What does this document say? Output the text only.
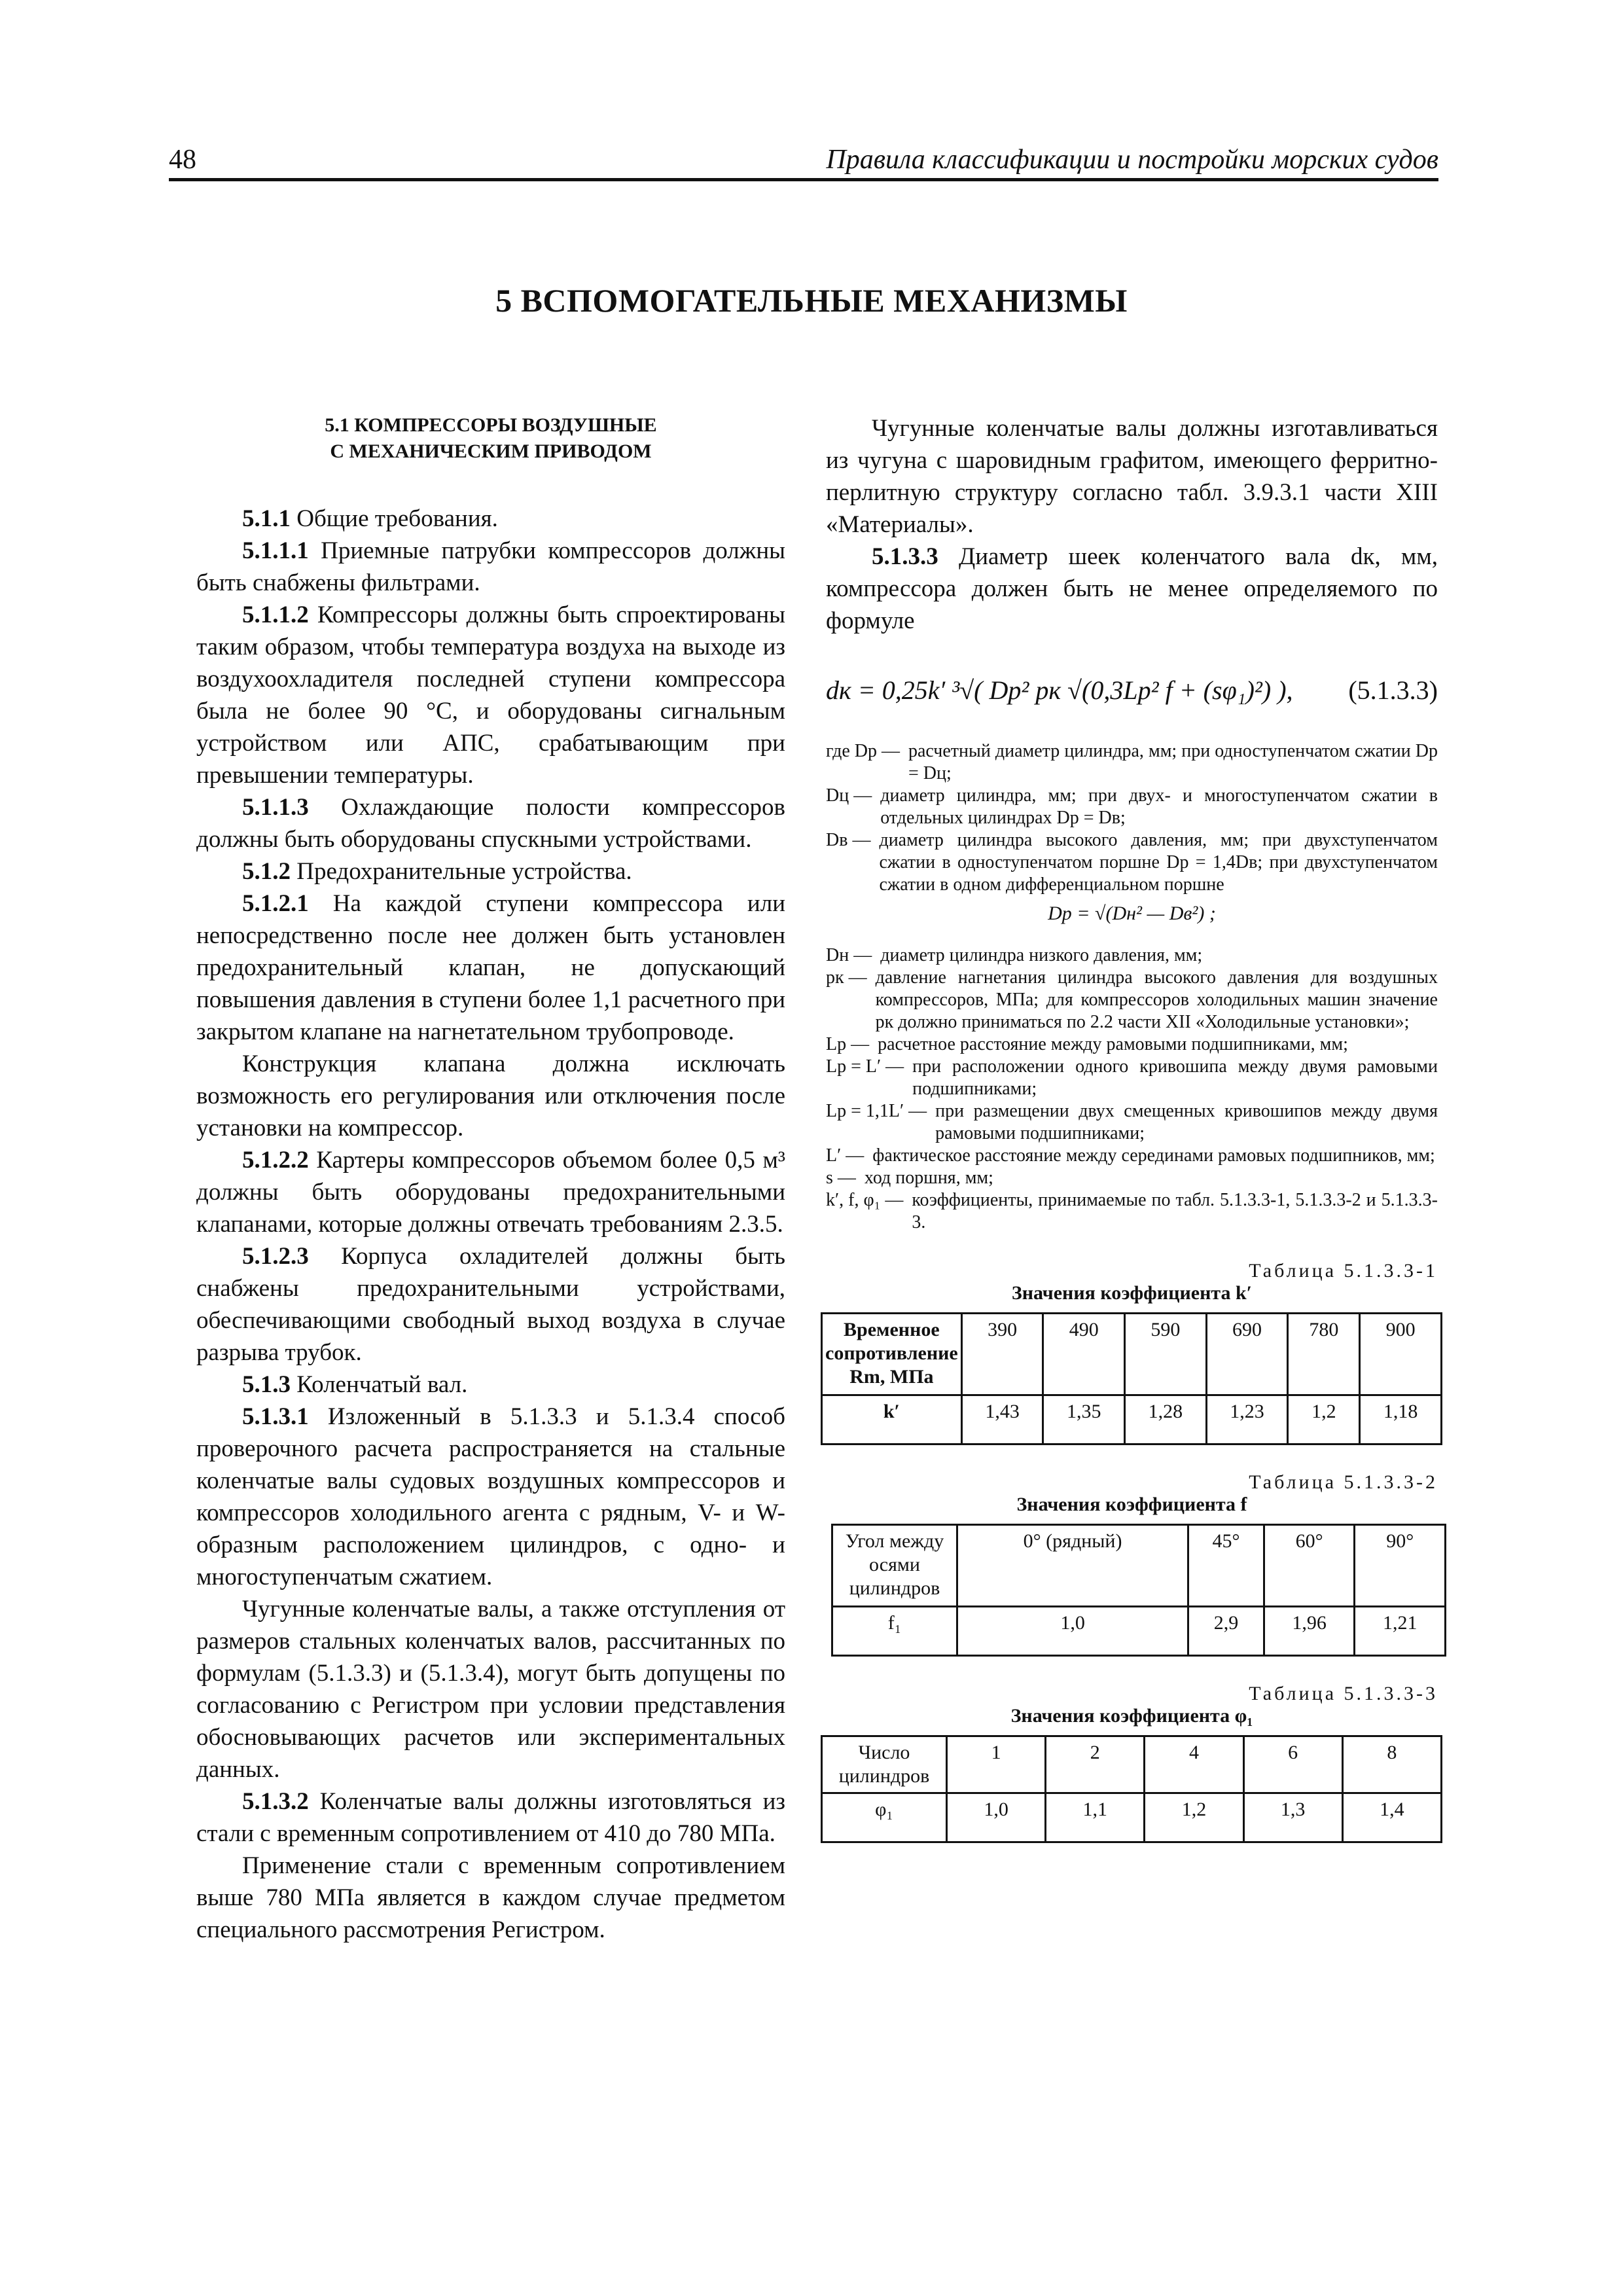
48	Правила классификации и постройки морских судов
5 ВСПОМОГАТЕЛЬНЫЕ МЕХАНИЗМЫ
5.1 КОМПРЕССОРЫ ВОЗДУШНЫЕ
С МЕХАНИЧЕСКИМ ПРИВОДОМ

5.1.1 Общие требования.

5.1.1.1 Приемные патрубки компрессоров должны быть снабжены фильтрами.

5.1.1.2 Компрессоры должны быть спроектированы таким образом, чтобы температура воздуха на выходе из воздухоохладителя последней ступени компрессора была не более 90 °С, и оборудованы сигнальным устройством или АПС, срабатывающим при превышении температуры.

5.1.1.3 Охлаждающие полости компрессоров должны быть оборудованы спускными устройствами.

5.1.2 Предохранительные устройства.

5.1.2.1 На каждой ступени компрессора или непосредственно после нее должен быть установлен предохранительный клапан, не допускающий повышения давления в ступени более 1,1 расчетного при закрытом клапане на нагнетательном трубопроводе.

Конструкция клапана должна исключать возможность его регулирования или отключения после установки на компрессор.

5.1.2.2 Картеры компрессоров объемом более 0,5 м³ должны быть оборудованы предохранительными клапанами, которые должны отвечать требованиям 2.3.5.

5.1.2.3 Корпуса охладителей должны быть снабжены предохранительными устройствами, обеспечивающими свободный выход воздуха в случае разрыва трубок.

5.1.3 Коленчатый вал.

5.1.3.1 Изложенный в 5.1.3.3 и 5.1.3.4 способ проверочного расчета распространяется на стальные коленчатые валы судовых воздушных компрессоров и компрессоров холодильного агента с рядным, V- и W-образным расположением цилиндров, с одно- и многоступенчатым сжатием.

Чугунные коленчатые валы, а также отступления от размеров стальных коленчатых валов, рассчитанных по формулам (5.1.3.3) и (5.1.3.4), могут быть допущены по согласованию с Регистром при условии представления обосновывающих расчетов или экспериментальных данных.

5.1.3.2 Коленчатые валы должны изготовляться из стали с временным сопротивлением от 410 до 780 МПа.

Применение стали с временным сопротивлением выше 780 МПа является в каждом случае предметом специального рассмотрения Регистром.

Чугунные коленчатые валы должны изготавливаться из чугуна с шаровидным графитом, имеющего ферритно-перлитную структуру согласно табл. 3.9.3.1 части XIII «Материалы».

5.1.3.3 Диаметр шеек коленчатого вала dк, мм, компрессора должен быть не менее определяемого по формуле

dк = 0,25k′ ³√( Dр² pк √(0,3Lр² f + (sφ₁)²) ), (5.1.3.3)
где Dр — расчетный диаметр цилиндра, мм; при одноступенчатом сжатии Dр = Dц;
Dц — диаметр цилиндра, мм; при двух- и многоступенчатом сжатии в отдельных цилиндрах Dр = Dв;
Dв — диаметр цилиндра высокого давления, мм; при двухступенчатом сжатии в одноступенчатом поршне Dр = 1,4Dв; при двухступенчатом сжатии в одном дифференциальном поршне
Dр = √(Dн² — Dв²) ;
Dн — диаметр цилиндра низкого давления, мм;
pк — давление нагнетания цилиндра высокого давления для воздушных компрессоров, МПа; для компрессоров холодильных машин значение pк должно приниматься по 2.2 части XII «Холодильные установки»;
Lр — расчетное расстояние между рамовыми подшипниками, мм;
Lр = L′ — при расположении одного кривошипа между двумя рамовыми подшипниками;
Lр = 1,1L′ — при размещении двух смещенных кривошипов между двумя рамовыми подшипниками;
L′ — фактическое расстояние между серединами рамовых подшипников, мм;
s — ход поршня, мм;
k′, f, φ₁ — коэффициенты, принимаемые по табл. 5.1.3.3-1, 5.1.3.3-2 и 5.1.3.3-3.
Таблица 5.1.3.3-1
Значения коэффициента k′
Временное сопротивление Rm, МПа	390	490	590	690	780	900
k′	1,43	1,35	1,28	1,23	1,2	1,18
Таблица 5.1.3.3-2
Значения коэффициента f
Угол между осями цилиндров	0° (рядный)	45°	60°	90°
f₁	1,0	2,9	1,96	1,21
Таблица 5.1.3.3-3
Значения коэффициента φ₁
Число цилиндров	1	2	4	6	8
φ₁	1,0	1,1	1,2	1,3	1,4
